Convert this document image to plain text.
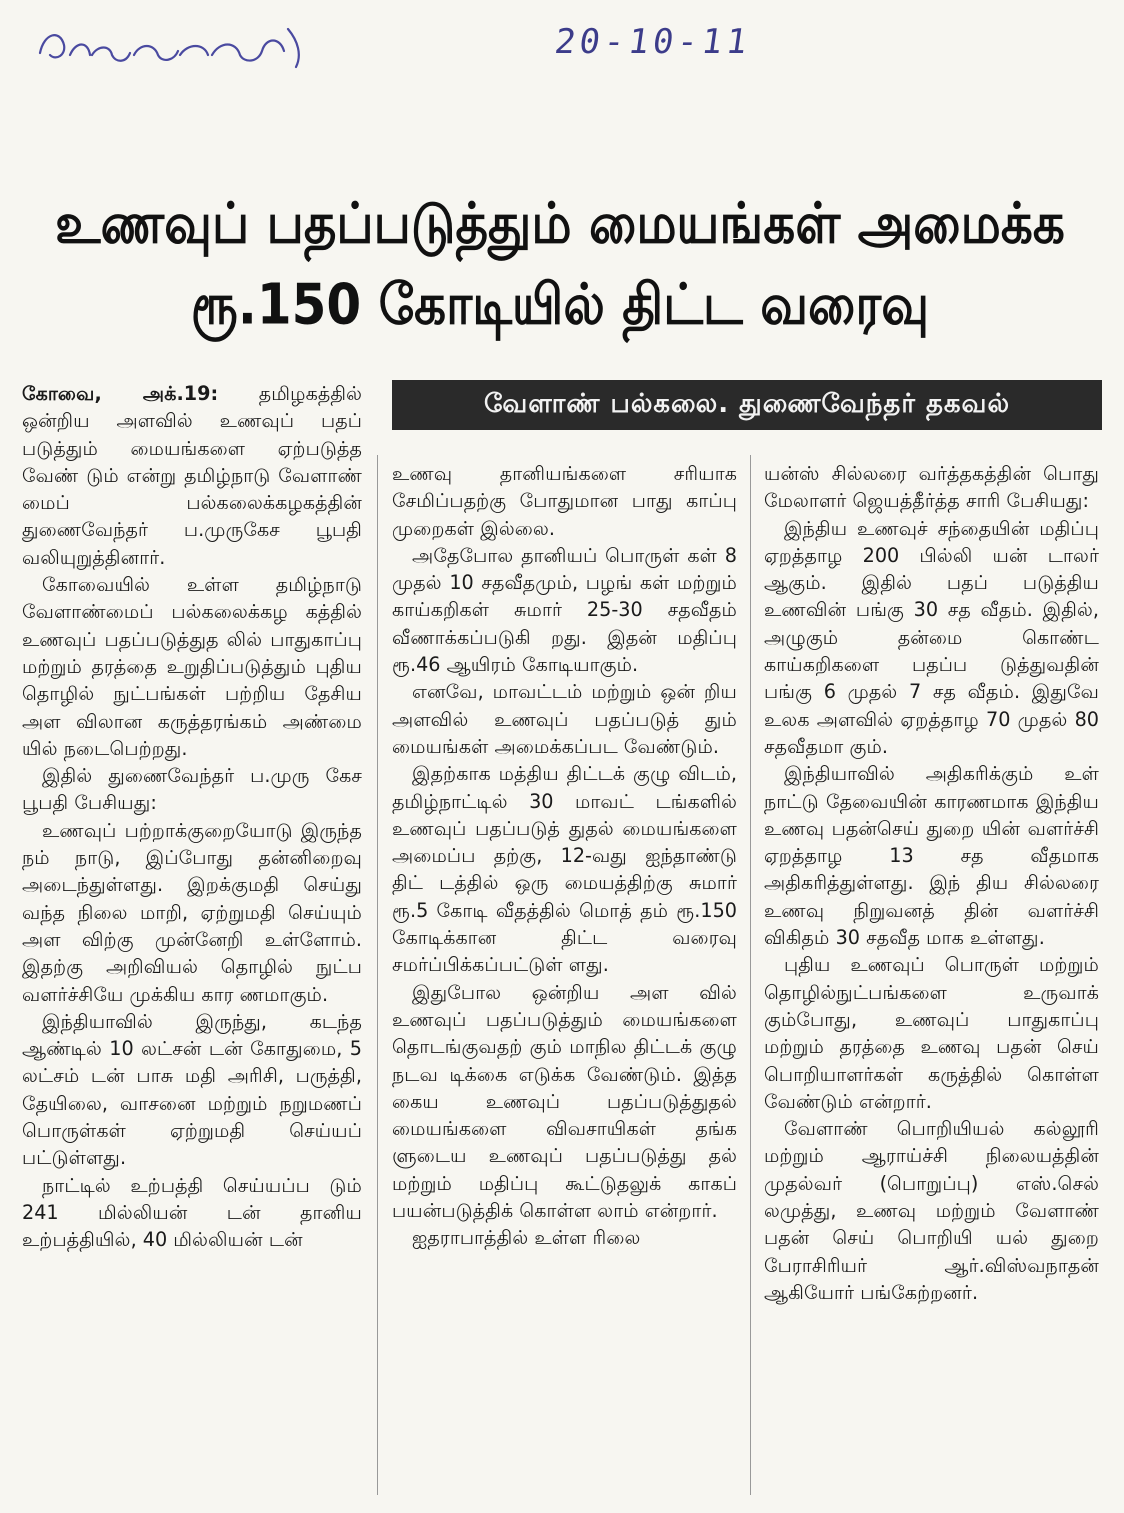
20-10-11
உணவுப் பதப்படுத்தும் மையங்கள் அமைக்க
ரூ.150 கோடியில் திட்ட வரைவு
வேளாண் பல்கலை. துணைவேந்தர் தகவல்

கோவை, அக்.19: தமிழகத்தில் ஒன்றிய அளவில் உணவுப் பதப் படுத்தும் மையங்களை ஏற்படுத்த வேண் டும் என்று தமிழ்நாடு வேளாண் மைப் பல்கலைக்கழகத்தின் துணைவேந்தர் ப.முருகேச பூபதி வலியுறுத்தினார்.

கோவையில் உள்ள தமிழ்நாடு வேளாண்மைப் பல்கலைக்கழ கத்தில் உணவுப் பதப்படுத்துத லில் பாதுகாப்பு மற்றும் தரத்தை உறுதிப்படுத்தும் புதிய தொழில் நுட்பங்கள் பற்றிய தேசிய அள விலான கருத்தரங்கம் அண்மை யில் நடைபெற்றது.

இதில் துணைவேந்தர் ப.முரு கேச பூபதி பேசியது:

உணவுப் பற்றாக்குறையோடு இருந்த நம் நாடு, இப்போது தன்னிறைவு அடைந்துள்ளது. இறக்குமதி செய்து வந்த நிலை மாறி, ஏற்றுமதி செய்யும் அள விற்கு முன்னேறி உள்ளோம். இதற்கு அறிவியல் தொழில் நுட்ப வளர்ச்சியே முக்கிய கார ணமாகும்.

இந்தியாவில் இருந்து, கடந்த ஆண்டில் 10 லட்சன் டன் கோதுமை, 5 லட்சம் டன் பாசு மதி அரிசி, பருத்தி, தேயிலை, வாசனை மற்றும் நறுமணப் பொருள்கள் ஏற்றுமதி செய்யப் பட்டுள்ளது.

நாட்டில் உற்பத்தி செய்யப்ப டும் 241 மில்லியன் டன் தானிய உற்பத்தியில், 40 மில்லியன் டன்

உணவு தானியங்களை சரியாக சேமிப்பதற்கு போதுமான பாது காப்பு முறைகள் இல்லை.

அதேபோல தானியப் பொருள் கள் 8 முதல் 10 சதவீதமும், பழங் கள் மற்றும் காய்கறிகள் சுமார் 25-30 சதவீதம் வீணாக்கப்படுகி றது. இதன் மதிப்பு ரூ.46 ஆயிரம் கோடியாகும்.

எனவே, மாவட்டம் மற்றும் ஒன் றிய அளவில் உணவுப் பதப்படுத் தும் மையங்கள் அமைக்கப்பட வேண்டும்.

இதற்காக மத்திய திட்டக் குழு விடம், தமிழ்நாட்டில் 30 மாவட் டங்களில் உணவுப் பதப்படுத் துதல் மையங்களை அமைப்ப தற்கு, 12-வது ஐந்தாண்டு திட் டத்தில் ஒரு மையத்திற்கு சுமார் ரூ.5 கோடி வீதத்தில் மொத் தம் ரூ.150 கோடிக்கான திட்ட வரைவு சமர்ப்பிக்கப்பட்டுள் ளது.

இதுபோல ஒன்றிய அள வில் உணவுப் பதப்படுத்தும் மையங்களை தொடங்குவதற் கும் மாநில திட்டக் குழு நடவ டிக்கை எடுக்க வேண்டும். இத்த கைய உணவுப் பதப்படுத்துதல் மையங்களை விவசாயிகள் தங்க ளுடைய உணவுப் பதப்படுத்து தல் மற்றும் மதிப்பு கூட்டுதலுக் காகப் பயன்படுத்திக் கொள்ள லாம் என்றார்.

ஐதராபாத்தில் உள்ள ரிலை

யன்ஸ் சில்லரை வர்த்தகத்தின் பொது மேலாளர் ஜெயத்தீர்த்த சாரி பேசியது:

இந்திய உணவுச் சந்தையின் மதிப்பு ஏறத்தாழ 200 பில்லி யன் டாலர் ஆகும். இதில் பதப் படுத்திய உணவின் பங்கு 30 சத வீதம். இதில், அழுகும் தன்மை கொண்ட காய்கறிகளை பதப்ப டுத்துவதின் பங்கு 6 முதல் 7 சத வீதம். இதுவே உலக அளவில் ஏறத்தாழ 70 முதல் 80 சதவீதமா கும்.

இந்தியாவில் அதிகரிக்கும் உள் நாட்டு தேவையின் காரணமாக இந்திய உணவு பதன்செய் துறை யின் வளர்ச்சி ஏறத்தாழ 13 சத வீதமாக அதிகரித்துள்ளது. இந் திய சில்லரை உணவு நிறுவனத் தின் வளர்ச்சி விகிதம் 30 சதவீத மாக உள்ளது.

புதிய உணவுப் பொருள் மற்றும் தொழில்நுட்பங்களை உருவாக் கும்போது, உணவுப் பாதுகாப்பு மற்றும் தரத்தை உணவு பதன் செய் பொறியாளர்கள் கருத்தில் கொள்ள வேண்டும் என்றார்.

வேளாண் பொறியியல் கல்லூரி மற்றும் ஆராய்ச்சி நிலையத்தின் முதல்வர் (பொறுப்பு) எஸ்.செல் லமுத்து, உணவு மற்றும் வேளாண் பதன் செய் பொறியி யல் துறை பேராசிரியர் ஆர்.விஸ்வநாதன் ஆகியோர் பங்கேற்றனர்.
